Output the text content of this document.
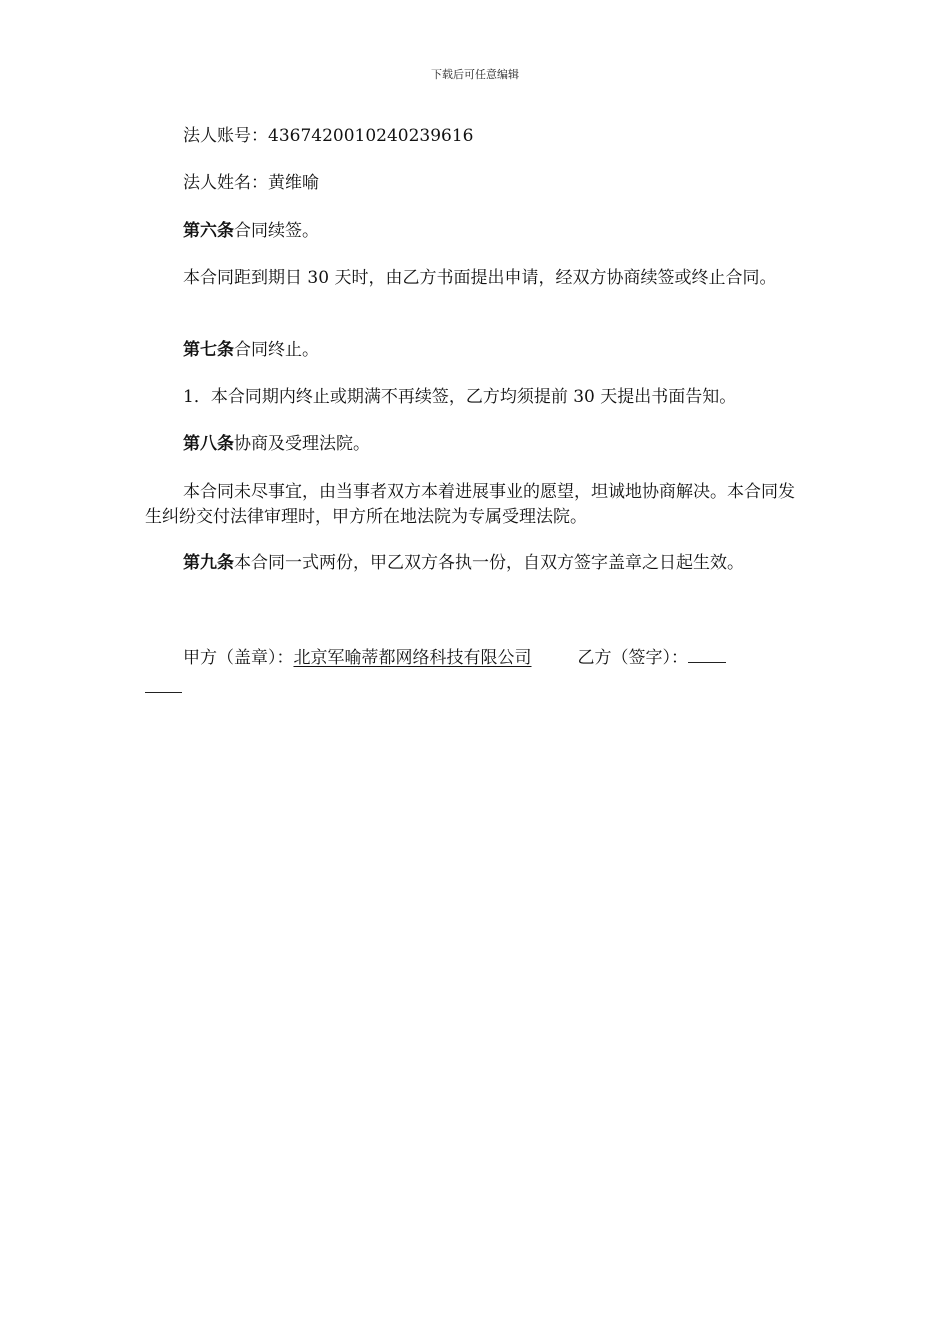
下载后可任意编辑
法人账号：4367420010240239616
法人姓名：黄维喻
第六条合同续签。
本合同距到期日 30 天时，由乙方书面提出申请，经双方协商续签或终止合同。
第七条合同终止。
1．本合同期内终止或期满不再续签，乙方均须提前 30 天提出书面告知。
第八条协商及受理法院。
本合同未尽事宜，由当事者双方本着进展事业的愿望，坦诚地协商解决。本合同发生纠纷交付法律审理时，甲方所在地法院为专属受理法院。
第九条本合同一式两份，甲乙双方各执一份，自双方签字盖章之日起生效。
甲方（盖章）：北京军喻蒂都网络科技有限公司	乙方（签字）：
